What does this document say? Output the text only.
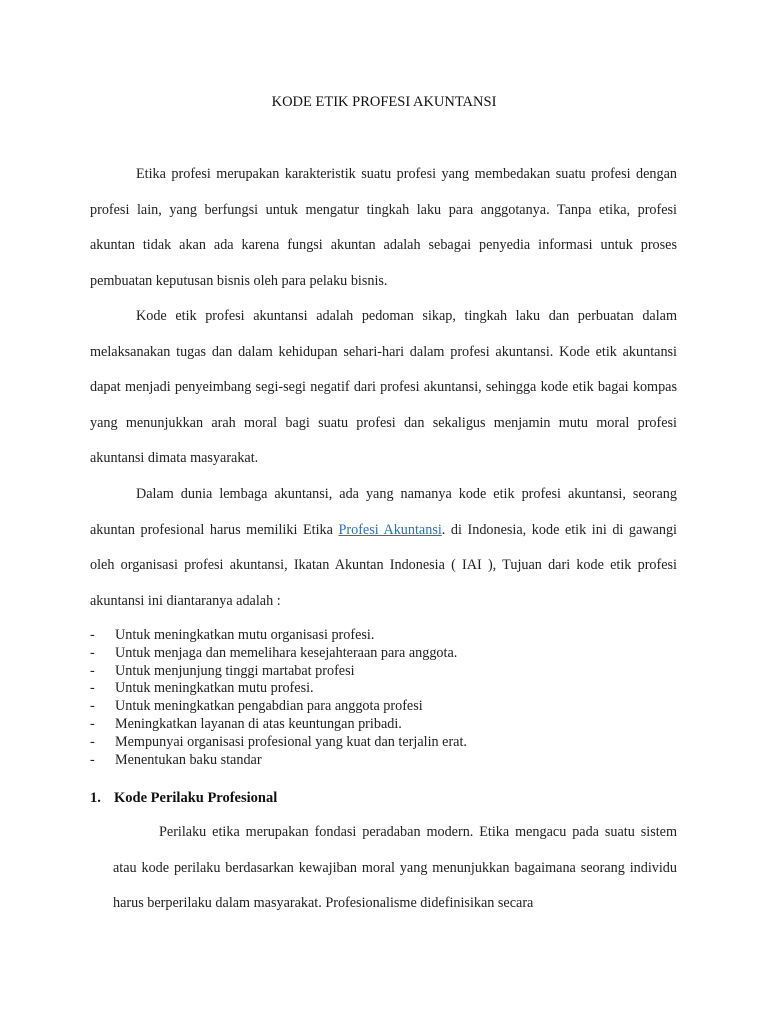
KODE ETIK PROFESI AKUNTANSI

Etika profesi merupakan karakteristik suatu profesi yang membedakan suatu profesi dengan profesi lain, yang berfungsi untuk mengatur tingkah laku para anggotanya. Tanpa etika, profesi akuntan tidak akan ada karena fungsi akuntan adalah sebagai penyedia informasi untuk proses pembuatan keputusan bisnis oleh para pelaku bisnis.

Kode etik profesi akuntansi adalah pedoman sikap, tingkah laku dan perbuatan dalam melaksanakan tugas dan dalam kehidupan sehari-hari dalam profesi akuntansi. Kode etik akuntansi dapat menjadi penyeimbang segi-segi negatif dari profesi akuntansi, sehingga kode etik bagai kompas yang menunjukkan arah moral bagi suatu profesi dan sekaligus menjamin mutu moral profesi akuntansi dimata masyarakat.

Dalam dunia lembaga akuntansi, ada yang namanya kode etik profesi akuntansi, seorang akuntan profesional harus memiliki Etika Profesi Akuntansi. di Indonesia, kode etik ini di gawangi oleh organisasi profesi akuntansi, Ikatan Akuntan Indonesia ( IAI ), Tujuan dari kode etik profesi akuntansi ini diantaranya adalah :

-	Untuk meningkatkan mutu organisasi profesi.
-	Untuk menjaga dan memelihara kesejahteraan para anggota.
-	Untuk menjunjung tinggi martabat profesi
-	Untuk meningkatkan mutu profesi.
-	Untuk meningkatkan pengabdian para anggota profesi
-	Meningkatkan layanan di atas keuntungan pribadi.
-	Mempunyai organisasi profesional yang kuat dan terjalin erat.
-	Menentukan baku standar
1. Kode Perilaku Profesional

Perilaku etika merupakan fondasi peradaban modern. Etika mengacu pada suatu sistem atau kode perilaku berdasarkan kewajiban moral yang menunjukkan bagaimana seorang individu harus berperilaku dalam masyarakat. Profesionalisme didefinisikan secara
